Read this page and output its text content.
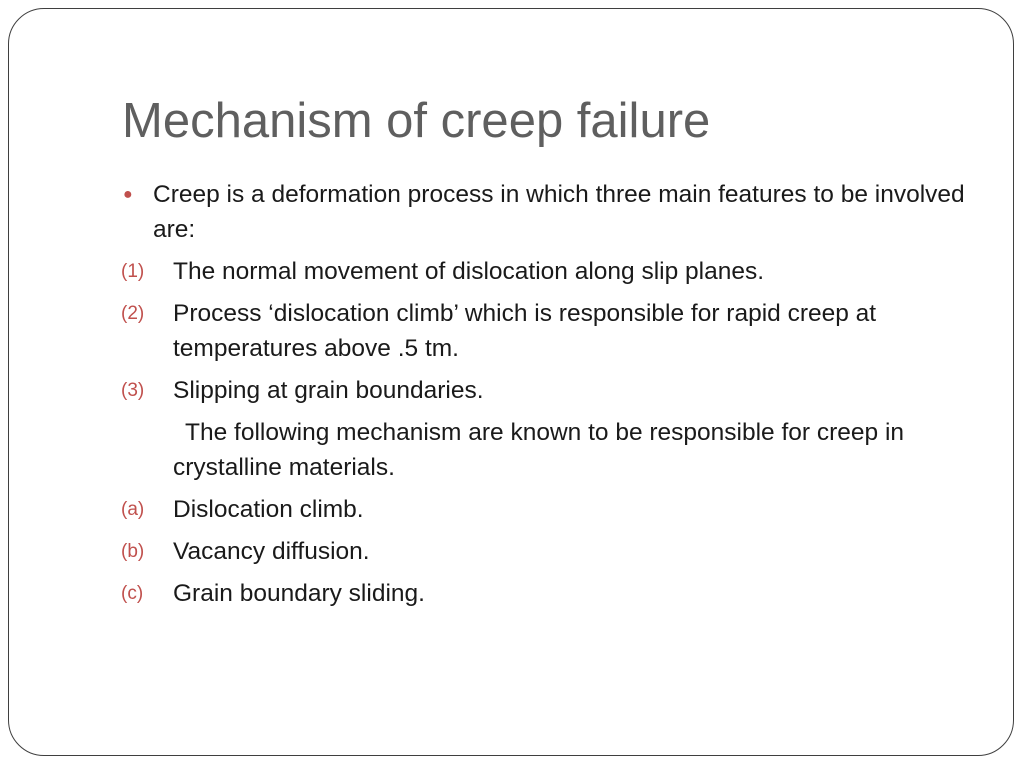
Mechanism of creep failure
● Creep is a deformation process in which three main features to be involved are:
(1)	The normal movement of dislocation along slip planes.
(2)	Process ‘dislocation climb’ which is responsible for rapid creep at temperatures above .5 tm.
(3)	Slipping at grain boundaries.
The following mechanism are known to be responsible for creep in crystalline materials.
(a)	Dislocation climb.
(b)	Vacancy diffusion.
(c)	Grain boundary sliding.
